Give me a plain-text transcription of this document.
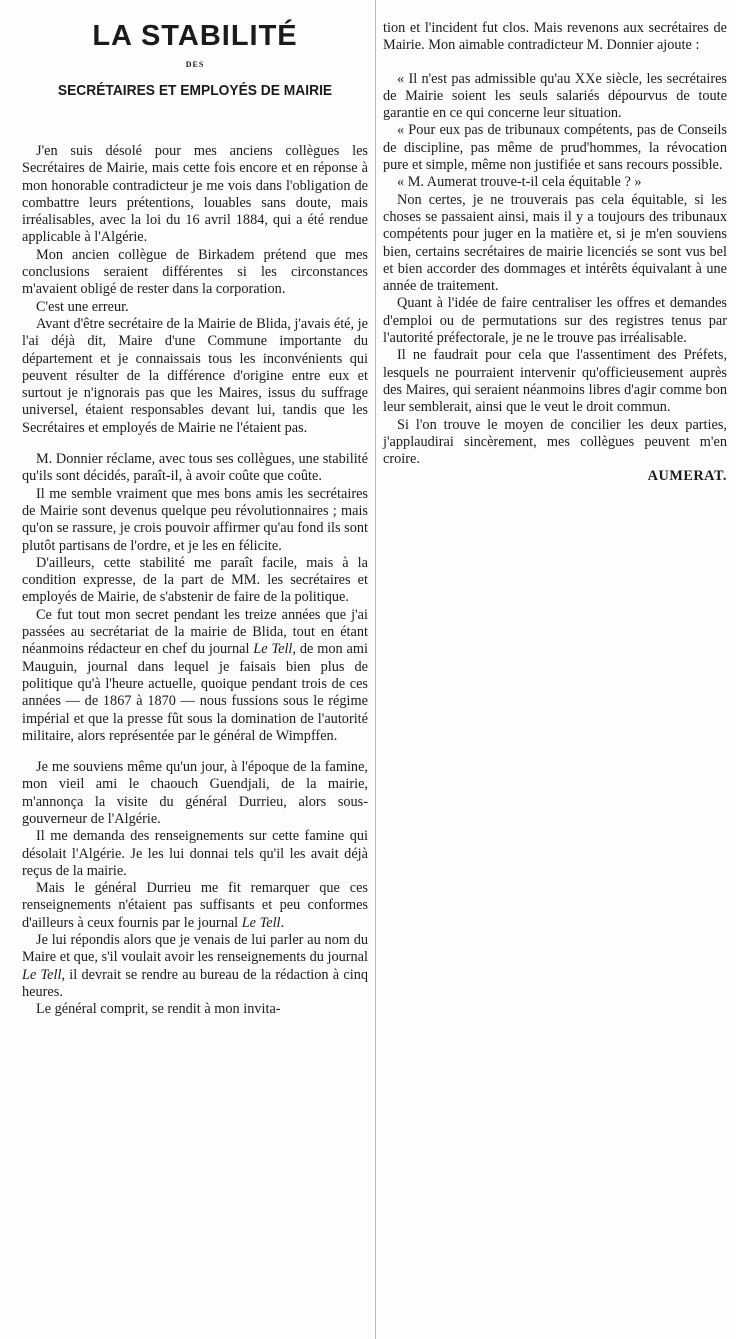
LA STABILITÉ
DES
SECRÉTAIRES ET EMPLOYÉS DE MAIRIE

J'en suis désolé pour mes anciens collègues les Secrétaires de Mairie, mais cette fois encore et en réponse à mon honorable contradicteur je me vois dans l'obligation de combattre leurs prétentions, louables sans doute, mais irréalisables, avec la loi du 16 avril 1884, qui a été rendue applicable à l'Algérie.

Mon ancien collègue de Birkadem prétend que mes conclusions seraient différentes si les circonstances m'avaient obligé de rester dans la corporation.

C'est une erreur.

Avant d'être secrétaire de la Mairie de Blida, j'avais été, je l'ai déjà dit, Maire d'une Commune importante du département et je connaissais tous les inconvénients qui peuvent résulter de la différence d'origine entre eux et surtout je n'ignorais pas que les Maires, issus du suffrage universel, étaient responsables devant lui, tandis que les Secrétaires et employés de Mairie ne l'étaient pas.

M. Donnier réclame, avec tous ses collègues, une stabilité qu'ils sont décidés, paraît-il, à avoir coûte que coûte.

Il me semble vraiment que mes bons amis les secrétaires de Mairie sont devenus quelque peu révolutionnaires ; mais qu'on se rassure, je crois pouvoir affirmer qu'au fond ils sont plutôt partisans de l'ordre, et je les en félicite.

D'ailleurs, cette stabilité me paraît facile, mais à la condition expresse, de la part de MM. les secrétaires et employés de Mairie, de s'abstenir de faire de la politique.

Ce fut tout mon secret pendant les treize années que j'ai passées au secrétariat de la mairie de Blida, tout en étant néanmoins rédacteur en chef du journal Le Tell, de mon ami Mauguin, journal dans lequel je faisais bien plus de politique qu'à l'heure actuelle, quoique pendant trois de ces années — de 1867 à 1870 — nous fussions sous le régime impérial et que la presse fût sous la domination de l'autorité militaire, alors représentée par le général de Wimpffen.

Je me souviens même qu'un jour, à l'époque de la famine, mon vieil ami le chaouch Guendjali, de la mairie, m'annonça la visite du général Durrieu, alors sous-gouverneur de l'Algérie.

Il me demanda des renseignements sur cette famine qui désolait l'Algérie. Je les lui donnai tels qu'il les avait déjà reçus de la mairie.

Mais le général Durrieu me fit remarquer que ces renseignements n'étaient pas suffisants et peu conformes d'ailleurs à ceux fournis par le journal Le Tell.

Je lui répondis alors que je venais de lui parler au nom du Maire et que, s'il voulait avoir les renseignements du journal Le Tell, il devrait se rendre au bureau de la rédaction à cinq heures.

Le général comprit, se rendit à mon invita-

tion et l'incident fut clos. Mais revenons aux secrétaires de Mairie. Mon aimable contradicteur M. Donnier ajoute :

« Il n'est pas admissible qu'au XXe siècle, les secrétaires de Mairie soient les seuls salariés dépourvus de toute garantie en ce qui concerne leur situation.

« Pour eux pas de tribunaux compétents, pas de Conseils de discipline, pas même de prud'hommes, la révocation pure et simple, même non justifiée et sans recours possible.

« M. Aumerat trouve-t-il cela équitable ? »

Non certes, je ne trouverais pas cela équitable, si les choses se passaient ainsi, mais il y a toujours des tribunaux compétents pour juger en la matière et, si je m'en souviens bien, certains secrétaires de mairie licenciés se sont vus bel et bien accorder des dommages et intérêts équivalant à une année de traitement.

Quant à l'idée de faire centraliser les offres et demandes d'emploi ou de permutations sur des registres tenus par l'autorité préfectorale, je ne le trouve pas irréalisable.

Il ne faudrait pour cela que l'assentiment des Préfets, lesquels ne pourraient intervenir qu'officieusement auprès des Maires, qui seraient néanmoins libres d'agir comme bon leur semblerait, ainsi que le veut le droit commun.

Si l'on trouve le moyen de concilier les deux parties, j'applaudirai sincèrement, mes collègues peuvent m'en croire.

AUMERAT.
